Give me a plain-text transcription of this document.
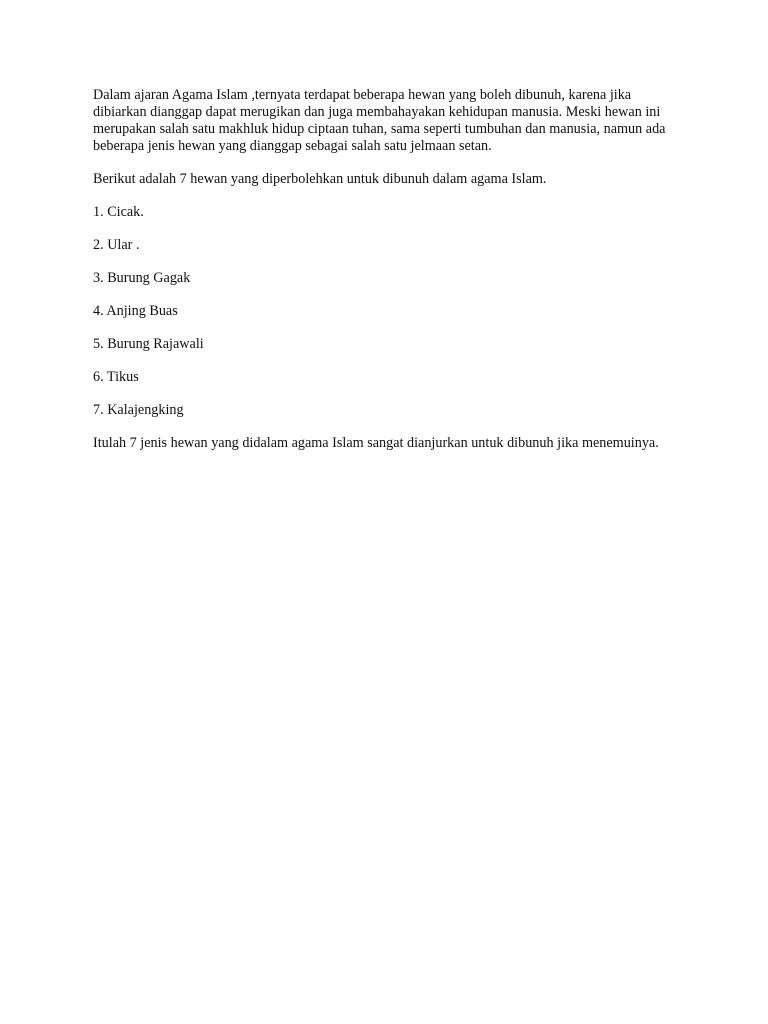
Dalam ajaran Agama Islam ,ternyata terdapat beberapa hewan yang boleh dibunuh, karena jika dibiarkan dianggap dapat merugikan dan juga membahayakan kehidupan manusia. Meski hewan ini merupakan salah satu makhluk hidup ciptaan tuhan, sama seperti tumbuhan dan manusia, namun ada beberapa jenis hewan yang dianggap sebagai salah satu jelmaan setan.

Berikut adalah 7 hewan yang diperbolehkan untuk dibunuh dalam agama Islam.

1. Cicak.
2. Ular .
3. Burung Gagak
4. Anjing Buas
5. Burung Rajawali
6. Tikus
7. Kalajengking

Itulah 7 jenis hewan yang didalam agama Islam sangat dianjurkan untuk dibunuh jika menemuinya.
